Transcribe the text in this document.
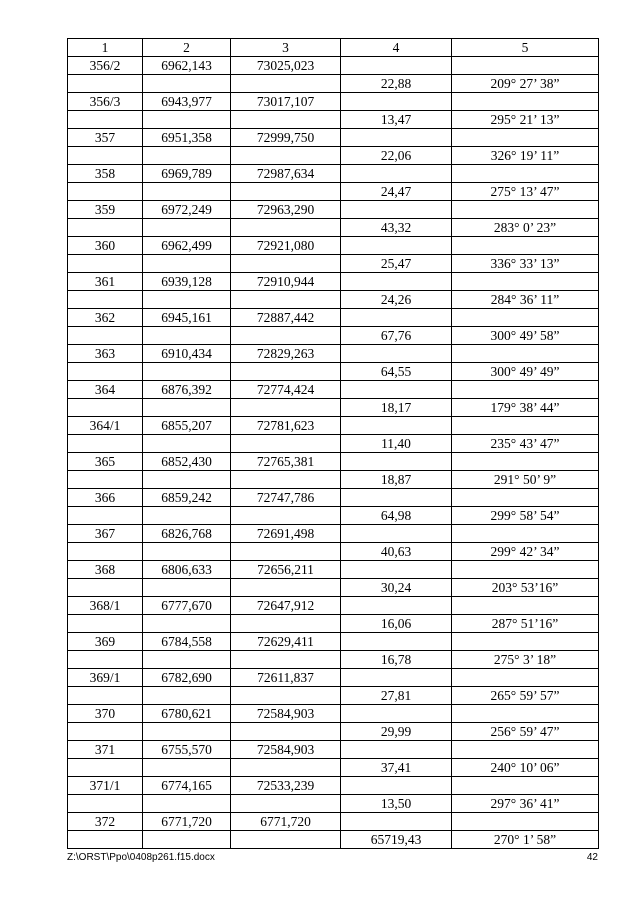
1	2	3	4	5
356/2	6962,143	73025,023		
			22,88	209° 27’ 38”
356/3	6943,977	73017,107		
			13,47	295° 21’ 13”
357	6951,358	72999,750		
			22,06	326° 19’ 11”
358	6969,789	72987,634		
			24,47	275° 13’ 47”
359	6972,249	72963,290		
			43,32	283° 0’ 23”
360	6962,499	72921,080		
			25,47	336° 33’ 13”
361	6939,128	72910,944		
			24,26	284° 36’ 11”
362	6945,161	72887,442		
			67,76	300° 49’ 58”
363	6910,434	72829,263		
			64,55	300° 49’ 49”
364	6876,392	72774,424		
			18,17	179° 38’ 44”
364/1	6855,207	72781,623		
			11,40	235° 43’ 47”
365	6852,430	72765,381		
			18,87	291° 50’ 9”
366	6859,242	72747,786		
			64,98	299° 58’ 54”
367	6826,768	72691,498		
			40,63	299° 42’ 34”
368	6806,633	72656,211		
			30,24	203° 53’16”
368/1	6777,670	72647,912		
			16,06	287° 51’16”
369	6784,558	72629,411		
			16,78	275° 3’ 18”
369/1	6782,690	72611,837		
			27,81	265° 59’ 57”
370	6780,621	72584,903		
			29,99	256° 59’ 47”
371	6755,570	72584,903		
			37,41	240° 10’ 06”
371/1	6774,165	72533,239		
			13,50	297° 36’ 41”
372	6771,720	6771,720		
			65719,43	270° 1’ 58”
Z:\ORST\Ppo\0408p261.f15.docx	42
